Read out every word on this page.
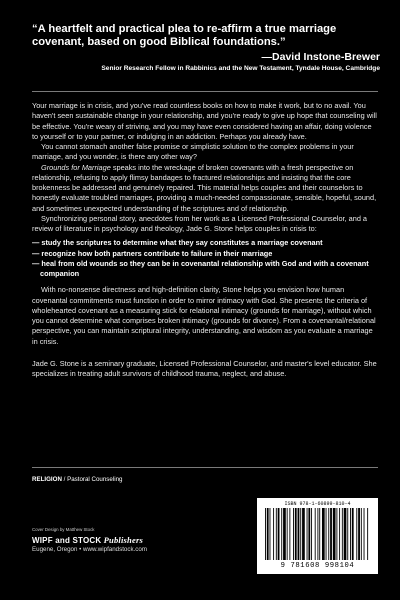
“A heartfelt and practical plea to re-affirm a true marriage covenant, based on good Biblical foundations.”
—David Instone-Brewer
Senior Research Fellow in Rabbinics and the New Testament, Tyndale House, Cambridge

Your marriage is in crisis, and you've read countless books on how to make it work, but to no avail. You haven't seen sustainable change in your relationship, and you're ready to give up hope that counseling will be effective. You're weary of striving, and you may have even considered having an affair, doing violence to yourself or to your partner, or indulging in an addiction. Perhaps you already have.

You cannot stomach another false promise or simplistic solution to the complex problems in your marriage, and you wonder, is there any other way?

Grounds for Marriage speaks into the wreckage of broken covenants with a fresh perspective on relationship, refusing to apply flimsy bandages to fractured relationships and insisting that the core brokenness be addressed and genuinely repaired. This material helps couples and their counselors to honestly evaluate troubled marriages, providing a much-needed compassionate, sensible, hopeful, sound, and sometimes unexpected understanding of the scriptures and of relationship.

Synchronizing personal story, anecdotes from her work as a Licensed Professional Counselor, and a review of literature in psychology and theology, Jade G. Stone helps couples in crisis to:

— study the scriptures to determine what they say constitutes a marriage covenant
— recognize how both partners contribute to failure in their marriage
— heal from old wounds so they can be in covenantal relationship with God and with a covenant companion

With no-nonsense directness and high-definition clarity, Stone helps you envision how human covenantal commitments must function in order to mirror intimacy with God. She presents the criteria of wholehearted covenant as a measuring stick for relational intimacy (grounds for marriage), without which you cannot determine what comprises broken intimacy (grounds for divorce). From a covenantal/relational perspective, you can maintain scriptural integrity, understanding, and wisdom as you evaluate a marriage in crisis.

Jade G. Stone is a seminary graduate, Licensed Professional Counselor, and master's level educator. She specializes in treating adult survivors of childhood trauma, neglect, and abuse.

RELIGION / Pastoral Counseling
Cover Design by Matthew Stock
WIPF and STOCK Publishers
Eugene, Oregon • www.wipfandstock.com
ISBN 978-1-60899-810-4
9 781608 998104
